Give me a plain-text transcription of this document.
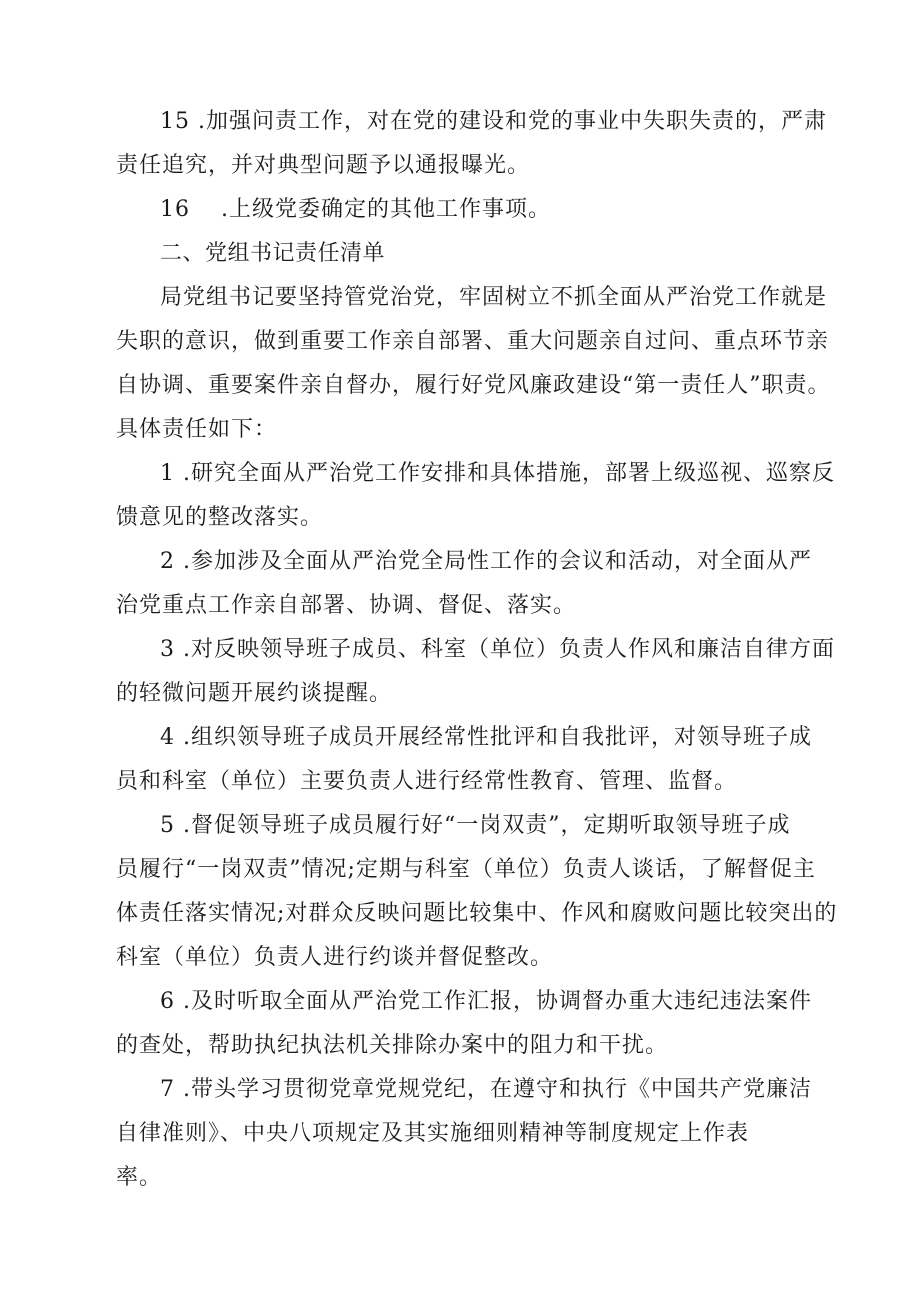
15 .加强问责工作，对在党的建设和党的事业中失职失责的，严肃
责任追究，并对典型问题予以通报曝光。
16　 .上级党委确定的其他工作事项。
二、党组书记责任清单
局党组书记要坚持管党治党，牢固树立不抓全面从严治党工作就是
失职的意识，做到重要工作亲自部署、重大问题亲自过问、重点环节亲
自协调、重要案件亲自督办，履行好党风廉政建设“第一责任人”职责。
具体责任如下：
1 .研究全面从严治党工作安排和具体措施，部署上级巡视、巡察反
馈意见的整改落实。
2 .参加涉及全面从严治党全局性工作的会议和活动，对全面从严
治党重点工作亲自部署、协调、督促、落实。
3 .对反映领导班子成员、科室（单位）负责人作风和廉洁自律方面
的轻微问题开展约谈提醒。
4 .组织领导班子成员开展经常性批评和自我批评，对领导班子成
员和科室（单位）主要负责人进行经常性教育、管理、监督。
5 .督促领导班子成员履行好“一岗双责”，定期听取领导班子成
员履行“一岗双责”情况;定期与科室（单位）负责人谈话，了解督促主
体责任落实情况;对群众反映问题比较集中、作风和腐败问题比较突出的
科室（单位）负责人进行约谈并督促整改。
6 .及时听取全面从严治党工作汇报，协调督办重大违纪违法案件
的查处，帮助执纪执法机关排除办案中的阻力和干扰。
7 .带头学习贯彻党章党规党纪，在遵守和执行《中国共产党廉洁
自律准则》、中央八项规定及其实施细则精神等制度规定上作表
率。
